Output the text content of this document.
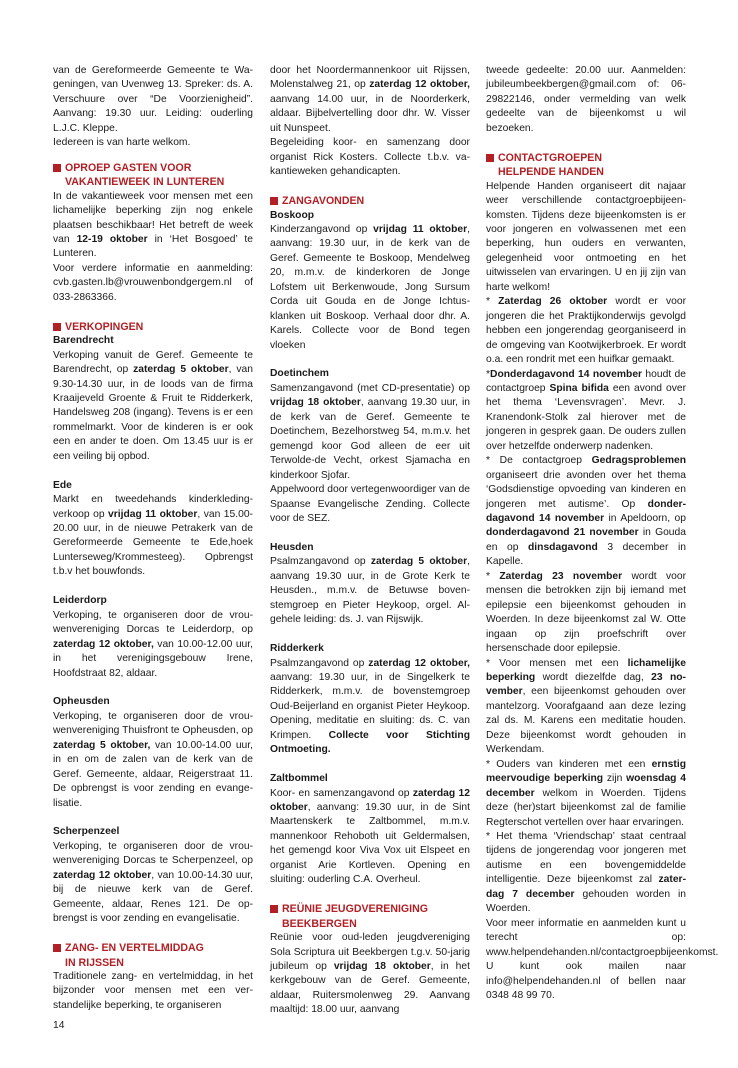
van de Gereformeerde Gemeente te Wageningen, van Uvenweg 13. Spreker: ds. A. Verschuure over “De Voorzienigheid”. Aanvang: 19.30 uur. Leiding: ouderling L.J.C. Kleppe.
Iedereen is van harte welkom.

OPROEP GASTEN VOOR
VAKANTIEWEEK IN LUNTEREN

In de vakantieweek voor mensen met een lichamelijke beperking zijn nog enkele plaatsen beschikbaar! Het betreft de week van 12-19 oktober in ‘Het Bosgoed’ te Lunteren.
Voor verdere informatie en aanmelding: cvb.gasten.lb@vrouwenbondgergem.nl of 033-2863366.

VERKOPINGEN

Barendrecht

Verkoping vanuit de Geref. Gemeente te Barendrecht, op zaterdag 5 oktober, van 9.30-14.30 uur, in de loods van de firma Kraaijeveld Groente & Fruit te Ridderkerk, Handelsweg 208 (ingang). Tevens is er een rommelmarkt. Voor de kinderen is er ook een en ander te doen. Om 13.45 uur is er een veiling bij opbod.

Ede

Markt en tweedehands kinderkledingverkoop op vrijdag 11 oktober, van 15.00-20.00 uur, in de nieuwe Petrakerk van de Gereformeerde Gemeente te Ede,hoek Lunterseweg/Krommesteeg). Opbrengst t.b.v het bouwfonds.

Leiderdorp

Verkoping, te organiseren door de vrouwenvereniging Dorcas te Leiderdorp, op zaterdag 12 oktober, van 10.00-12.00 uur, in het verenigingsgebouw Irene, Hoofdstraat 82, aldaar.

Opheusden

Verkoping, te organiseren door de vrouwenvereniging Thuisfront te Opheusden, op zaterdag 5 oktober, van 10.00-14.00 uur, in en om de zalen van de kerk van de Geref. Gemeente, aldaar, Reigerstraat 11. De opbrengst is voor zending en evangelisatie.

Scherpenzeel

Verkoping, te organiseren door de vrouwenvereniging Dorcas te Scherpenzeel, op zaterdag 12 oktober, van 10.00-14.30 uur, bij de nieuwe kerk van de Geref. Gemeente, aldaar, Renes 121. De opbrengst is voor zending en evangelisatie.

ZANG- EN VERTELMIDDAG
IN RIJSSEN

Traditionele zang- en vertelmiddag, in het bijzonder voor mensen met een verstandelijke beperking, te organiseren

door het Noordermannenkoor uit Rijssen, Molenstalweg 21, op zaterdag 12 oktober, aanvang 14.00 uur, in de Noorderkerk, aldaar. Bijbelvertelling door dhr. W. Visser uit Nunspeet.
Begeleiding koor- en samenzang door organist Rick Kosters. Collecte t.b.v. vakantieweken gehandicapten.

ZANGAVONDEN

Boskoop

Kinderzangavond op vrijdag 11 oktober, aanvang: 19.30 uur, in de kerk van de Geref. Gemeente te Boskoop, Mendelweg 20, m.m.v. de kinderkoren de Jonge Lofstem uit Berkenwoude, Jong Sursum Corda uit Gouda en de Jonge Ichtusklanken uit Boskoop. Verhaal door dhr. A. Karels. Collecte voor de Bond tegen vloeken

Doetinchem

Samenzangavond (met CD-presentatie) op vrijdag 18 oktober, aanvang 19.30 uur, in de kerk van de Geref. Gemeente te Doetinchem, Bezelhorstweg 54, m.m.v. het gemengd koor God alleen de eer uit Terwolde-de Vecht, orkest Sjamacha en kinderkoor Sjofar.
Appelwoord door vertegenwoordiger van de Spaanse Evangelische Zending. Collecte voor de SEZ.

Heusden

Psalmzangavond op zaterdag 5 oktober, aanvang 19.30 uur, in de Grote Kerk te Heusden., m.m.v. de Betuwse bovenstemgroep en Pieter Heykoop, orgel. Algehele leiding: ds. J. van Rijswijk.

Ridderkerk

Psalmzangavond op zaterdag 12 oktober, aanvang: 19.30 uur, in de Singelkerk te Ridderkerk, m.m.v. de bovenstemgroep Oud-Beijerland en organist Pieter Heykoop. Opening, meditatie en sluiting: ds. C. van Krimpen. Collecte voor Stichting Ontmoeting.

Zaltbommel

Koor- en samenzangavond op zaterdag 12 oktober, aanvang: 19.30 uur, in de Sint Maartenskerk te Zaltbommel, m.m.v. mannenkoor Rehoboth uit Geldermalsen, het gemengd koor Viva Vox uit Elspeet en organist Arie Kortleven. Opening en sluiting: ouderling C.A. Overheul.

REÜNIE JEUGDVERENIGING
BEEKBERGEN

Reünie voor oud-leden jeugdvereniging Sola Scriptura uit Beekbergen t.g.v. 50-jarig jubileum op vrijdag 18 oktober, in het kerkgebouw van de Geref. Gemeente, aldaar, Ruitersmolenweg 29. Aanvang maaltijd: 18.00 uur, aanvang

tweede gedeelte: 20.00 uur. Aanmelden: jubileumbeekbergen@gmail.com of: 06-29822146, onder vermelding van welk gedeelte van de bijeenkomst u wil bezoeken.

CONTACTGROEPEN
HELPENDE HANDEN

Helpende Handen organiseert dit najaar weer verschillende contactgroepbijeenkomsten. Tijdens deze bijeenkomsten is er voor jongeren en volwassenen met een beperking, hun ouders en verwanten, gelegenheid voor ontmoeting en het uitwisselen van ervaringen. U en jij zijn van harte welkom!
* Zaterdag 26 oktober wordt er voor jongeren die het Praktijkonderwijs gevolgd hebben een jongerendag georganiseerd in de omgeving van Kootwijkerbroek. Er wordt o.a. een rondrit met een huifkar gemaakt.
*Donderdagavond 14 november houdt de contactgroep Spina bifida een avond over het thema ‘Levensvragen’. Mevr. J. Kranendonk-Stolk zal hierover met de jongeren in gesprek gaan. De ouders zullen over hetzelfde onderwerp nadenken.
* De contactgroep Gedragsproblemen organiseert drie avonden over het thema ‘Godsdienstige opvoeding van kinderen en jongeren met autisme’. Op donderdagavond 14 november in Apeldoorn, op donderdagavond 21 november in Gouda en op dinsdagavond 3 december in Kapelle.
* Zaterdag 23 november wordt voor mensen die betrokken zijn bij iemand met epilepsie een bijeenkomst gehouden in Woerden. In deze bijeenkomst zal W. Otte ingaan op zijn proefschrift over hersenschade door epilepsie.
* Voor mensen met een lichamelijke beperking wordt diezelfde dag, 23 november, een bijeenkomst gehouden over mantelzorg. Voorafgaand aan deze lezing zal ds. M. Karens een meditatie houden. Deze bijeenkomst wordt gehouden in Werkendam.
* Ouders van kinderen met een ernstig meervoudige beperking zijn woensdag 4 december welkom in Woerden. Tijdens deze (her)start bijeenkomst zal de familie Regterschot vertellen over haar ervaringen.
* Het thema ‘Vriendschap’ staat centraal tijdens de jongerendag voor jongeren met autisme en een bovengemiddelde intelligentie. Deze bijeenkomst zal zaterdag 7 december gehouden worden in Woerden.
Voor meer informatie en aanmelden kunt u terecht op: www.helpendehanden.nl/contactgroepbijeenkomst. U kunt ook mailen naar info@helpendehanden.nl of bellen naar 0348 48 99 70.

14
